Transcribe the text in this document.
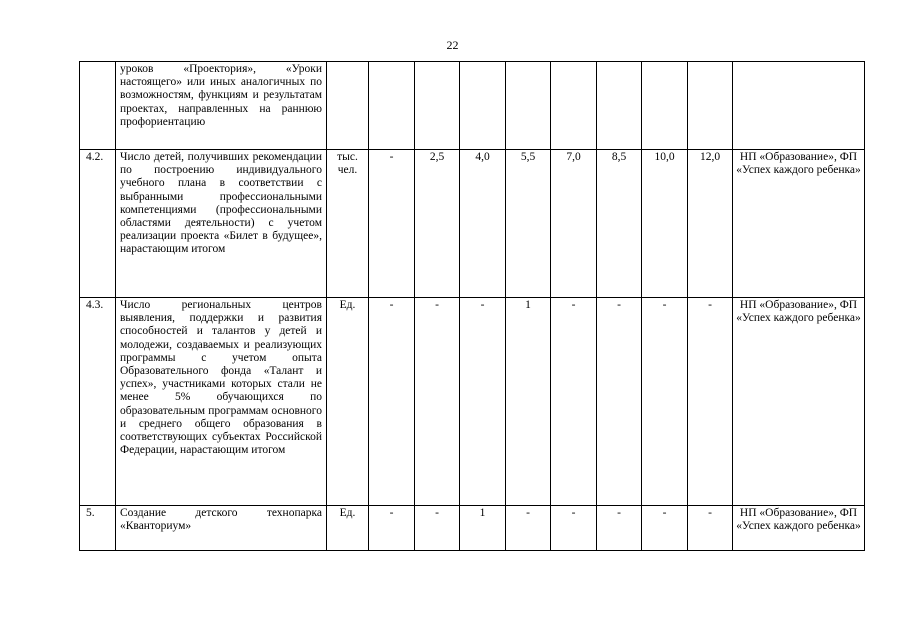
22
	уроков «Проектория», «Уроки настоящего» или иных аналогичных по возможностям, функциям и результатам проектах, направленных на раннюю профориентацию										
4.2.	Число детей, получивших рекомендации по построению индивидуального учебного плана в соответствии с выбранными профессиональными компетенциями (профессиональными областями деятельности) с учетом реализации проекта «Билет в будущее», нарастающим итогом	тыс. чел.	-	2,5	4,0	5,5	7,0	8,5	10,0	12,0	НП «Образование», ФП «Успех каждого ребенка»
4.3.	Число региональных центров выявления, поддержки и развития способностей и талантов у детей и молодежи, создаваемых и реализующих программы с учетом опыта Образовательного фонда «Талант и успех», участниками которых стали не менее 5% обучающихся по образовательным программам основного и среднего общего образования в соответствующих субъектах Российской Федерации, нарастающим итогом	Ед.	-	-	-	1	-	-	-	-	НП «Образование», ФП «Успех каждого ребенка»
5.	Создание детского технопарка «Кванториум»	Ед.	-	-	1	-	-	-	-	-	НП «Образование», ФП «Успех каждого ребенка»
